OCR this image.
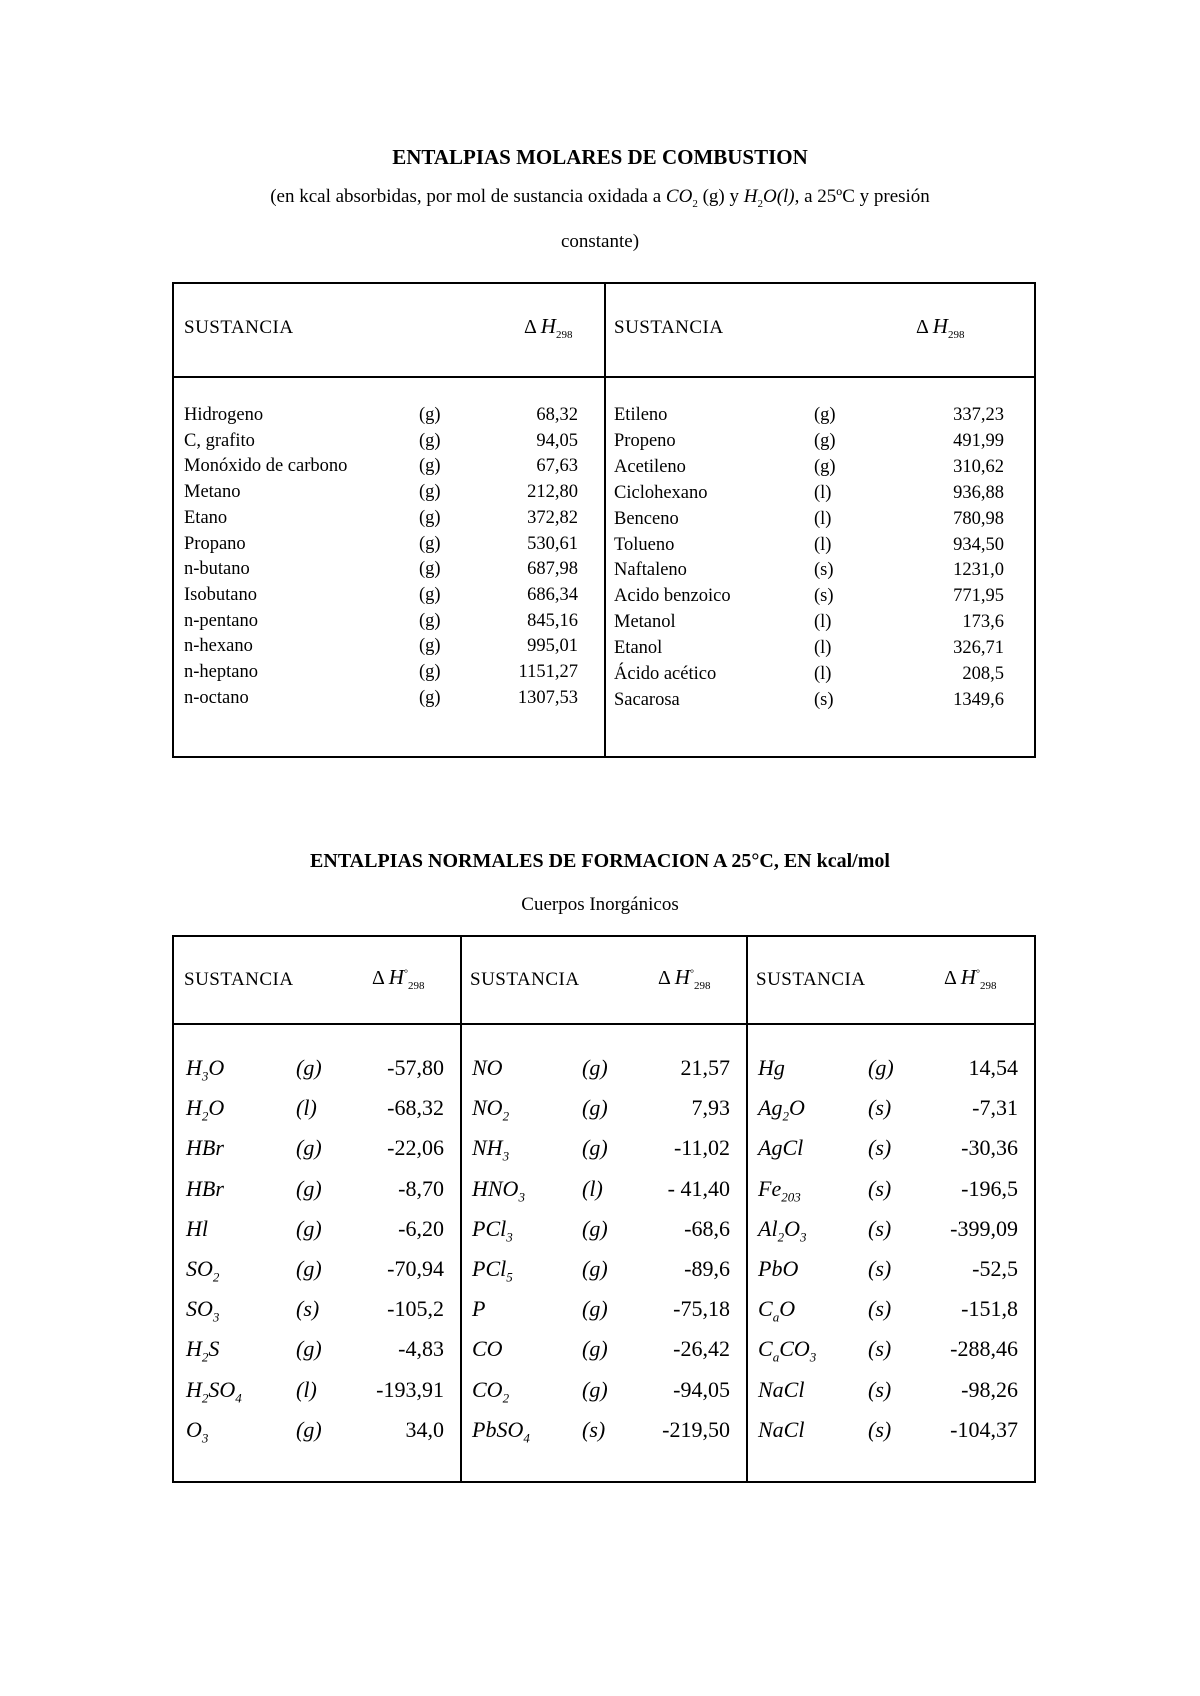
ENTALPIAS MOLARES DE COMBUSTION
(en kcal absorbidas, por mol de sustancia oxidada a $CO_2$ (g) y $H_2O(l)$, a 25ºC y presión
constante)
SUSTANCIA	Δ $H_{298}$
Hidrogeno	(g)	68,32
C, grafito	(g)	94,05
Monóxido de carbono	(g)	67,63
Metano	(g)	212,80
Etano	(g)	372,82
Propano	(g)	530,61
n-butano	(g)	687,98
Isobutano	(g)	686,34
n-pentano	(g)	845,16
n-hexano	(g)	995,01
n-heptano	(g)	1151,27
n-octano	(g)	1307,53
SUSTANCIA	Δ $H_{298}$
Etileno	(g)	337,23
Propeno	(g)	491,99
Acetileno	(g)	310,62
Ciclohexano	(l)	936,88
Benceno	(l)	780,98
Tolueno	(l)	934,50
Naftaleno	(s)	1231,0
Acido benzoico	(s)	771,95
Metanol	(l)	173,6
Etanol	(l)	326,71
Ácido acético	(l)	208,5
Sacarosa	(s)	1349,6
ENTALPIAS NORMALES DE FORMACION A 25°C, EN kcal/mol
Cuerpos Inorgánicos
SUSTANCIA	Δ $H^\circ_{298}$
$H_3O$	(g)	-57,80
$H_2O$	(l)	-68,32
HBr	(g)	-22,06
HBr	(g)	-8,70
Hl	(g)	-6,20
$SO_2$	(g)	-70,94
$SO_3$	(s)	-105,2
$H_2S$	(g)	-4,83
$H_2SO_4$ (l)	-193,91
$O_3$	(g)	34,0
SUSTANCIA	Δ $H^\circ_{298}$
NO	(g)	21,57
$NO_2$	(g)	7,93
$NH_3$	(g)	-11,02
$HNO_3$	(l)	- 41,40
PCl$_3$	(g)	-68,6
PCl$_5$	(g)	-89,6
P	(g)	-75,18
CO	(g)	-26,42
$CO_2$	(g)	-94,05
PbSO$_4$ (s)	-219,50
SUSTANCIA	Δ $H^\circ_{298}$
Hg	(g)	14,54
$Ag_2O$	(s)	-7,31
AgCl	(s)	-30,36
$Fe_{203}$	(s)	-196,5
$Al_2O_3$	(s)	-399,09
PbO	(s)	-52,5
$C_aO$	(s)	-151,8
$C_aCO_3$ (s)	-288,46
NaCl	(s)	-98,26
NaCl	(s)	-104,37
